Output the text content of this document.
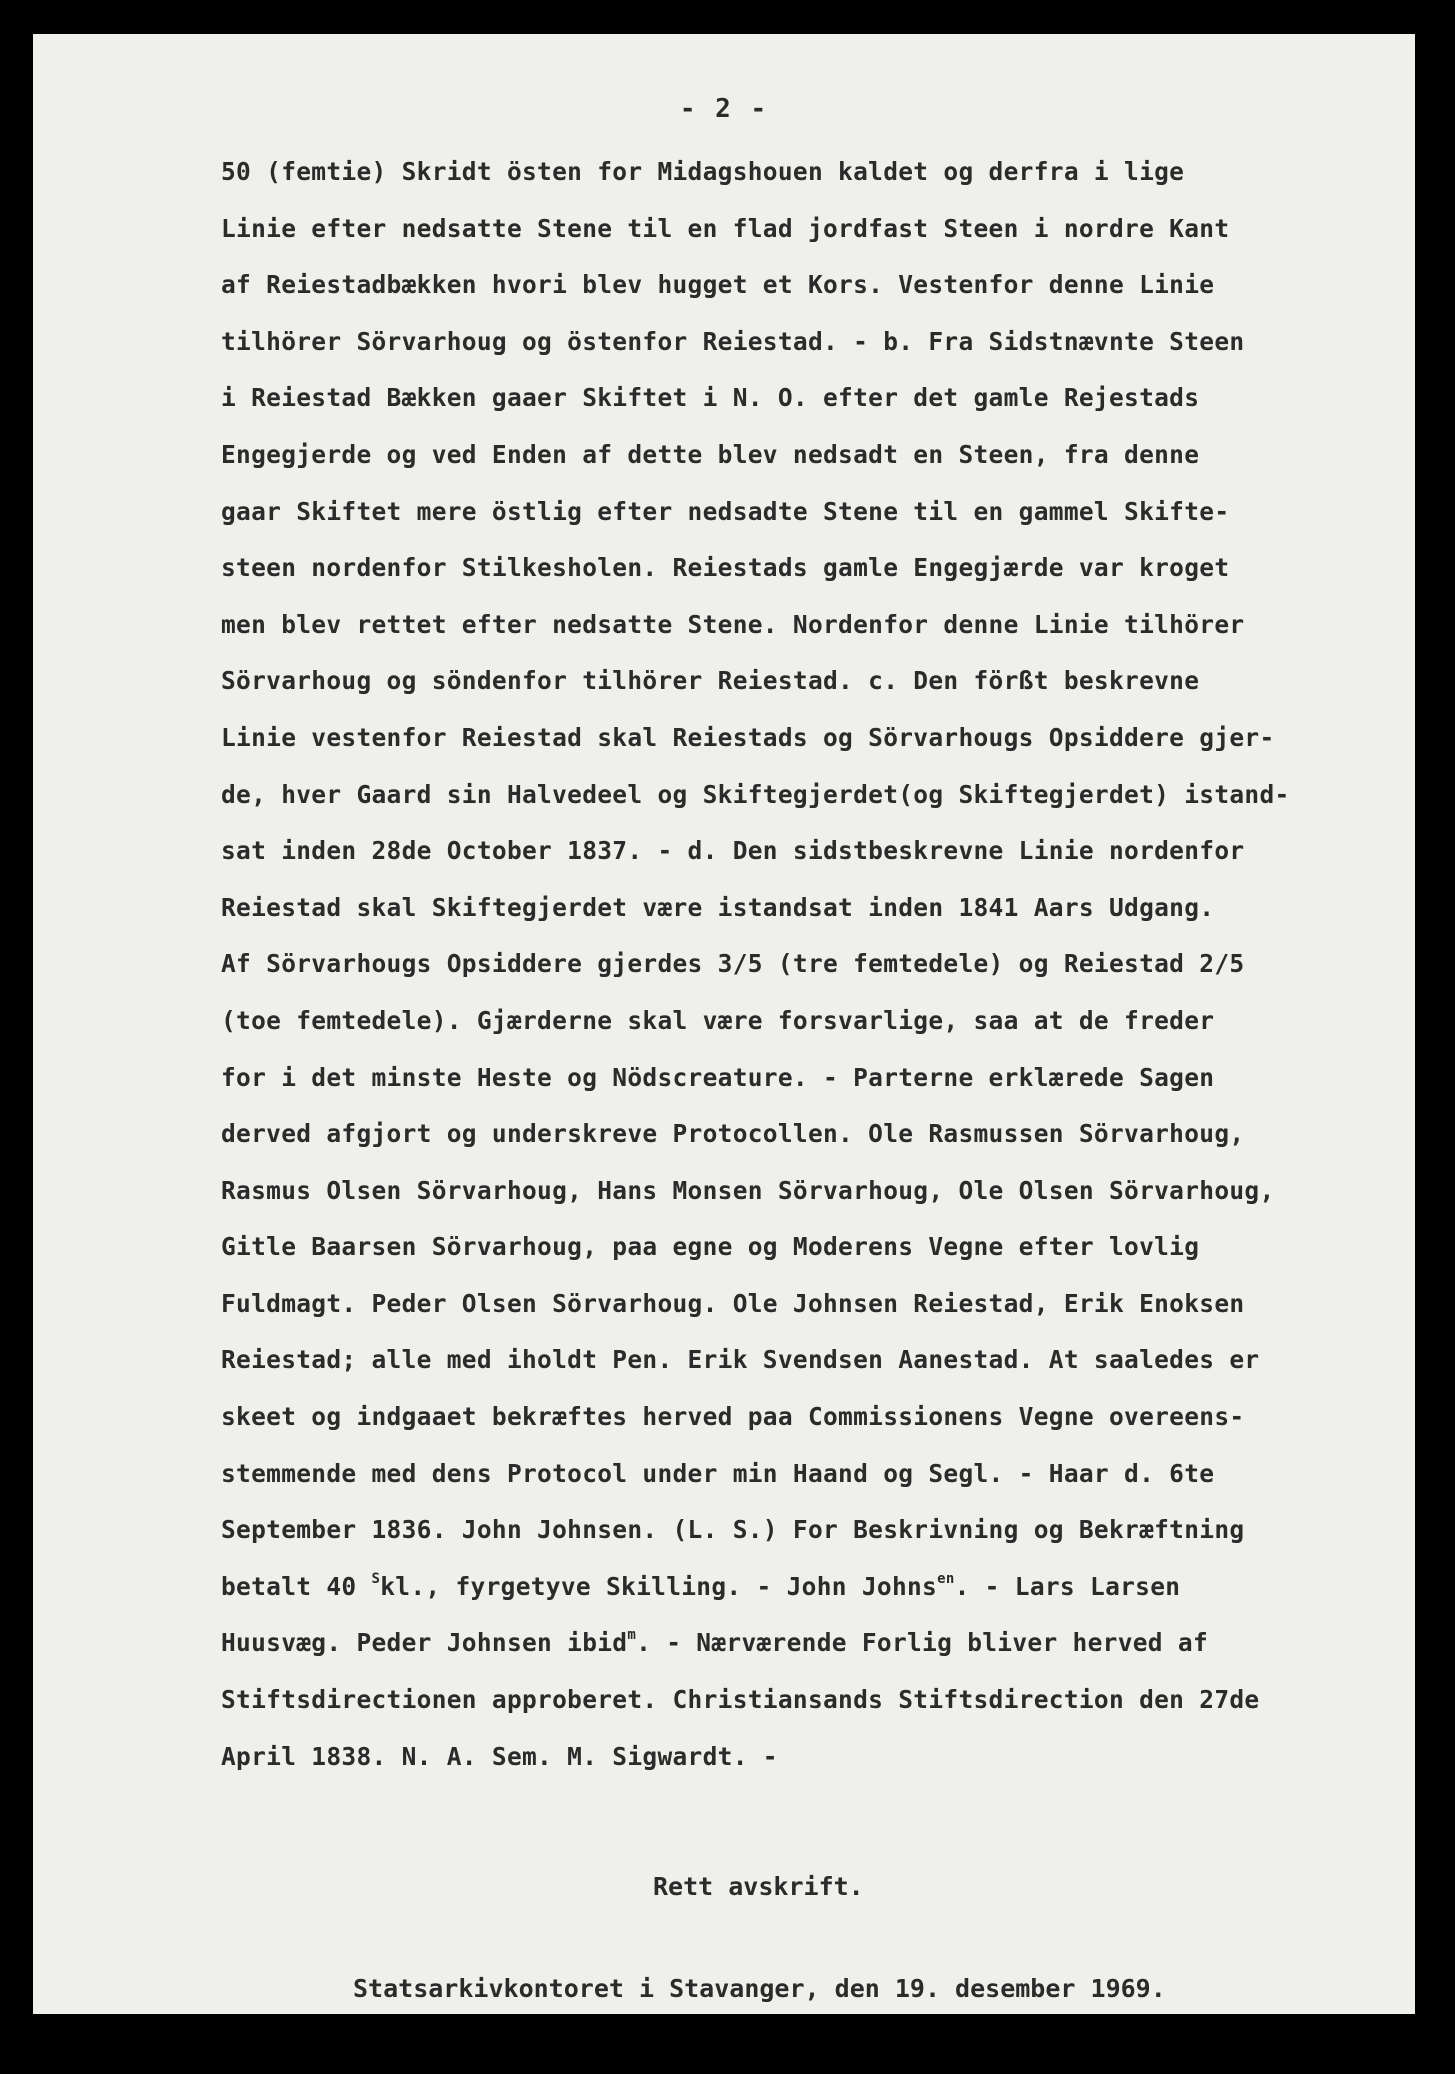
- 2 -
50 (femtie) Skridt östen for Midagshouen kaldet og derfra i lige
Linie efter nedsatte Stene til en flad jordfast Steen i nordre Kant
af Reiestadbækken hvori blev hugget et Kors. Vestenfor denne Linie
tilhörer Sörvarhoug og östenfor Reiestad. - b. Fra Sidstnævnte Steen
i Reiestad Bækken gaaer Skiftet i N. O. efter det gamle Rejestads
Engegjerde og ved Enden af dette blev nedsadt en Steen, fra denne
gaar Skiftet mere östlig efter nedsadte Stene til en gammel Skifte-
steen nordenfor Stilkesholen. Reiestads gamle Engegjærde var kroget
men blev rettet efter nedsatte Stene. Nordenfor denne Linie tilhörer
Sörvarhoug og söndenfor tilhörer Reiestad. c. Den förßt beskrevne
Linie vestenfor Reiestad skal Reiestads og Sörvarhougs Opsiddere gjer-
de, hver Gaard sin Halvedeel og Skiftegjerdet(og Skiftegjerdet) istand-
sat inden 28de October 1837. - d. Den sidstbeskrevne Linie nordenfor
Reiestad skal Skiftegjerdet være istandsat inden 1841 Aars Udgang.
Af Sörvarhougs Opsiddere gjerdes 3/5 (tre femtedele) og Reiestad 2/5
(toe femtedele). Gjærderne skal være forsvarlige, saa at de freder
for i det minste Heste og Nödscreature. - Parterne erklærede Sagen
derved afgjort og underskreve Protocollen. Ole Rasmussen Sörvarhoug,
Rasmus Olsen Sörvarhoug, Hans Monsen Sörvarhoug, Ole Olsen Sörvarhoug,
Gitle Baarsen Sörvarhoug, paa egne og Moderens Vegne efter lovlig
Fuldmagt. Peder Olsen Sörvarhoug. Ole Johnsen Reiestad, Erik Enoksen
Reiestad; alle med iholdt Pen. Erik Svendsen Aanestad. At saaledes er
skeet og indgaaet bekræftes herved paa Commissionens Vegne overeens-
stemmende med dens Protocol under min Haand og Segl. - Haar d. 6te
September 1836. John Johnsen. (L. S.) For Beskrivning og Bekræftning
betalt 40 $^S$kl., fyrgetyve Skilling. - John Johns$^{en}$. - Lars Larsen
Huusvæg. Peder Johnsen ibid$^m$. - Nærværende Forlig bliver herved af
Stiftsdirectionen approberet. Christiansands Stiftsdirection den 27de
April 1838. N. A. Sem. M. Sigwardt. -

Rett avskrift.

Statsarkivkontoret i Stavanger, den 19. desember 1969.
